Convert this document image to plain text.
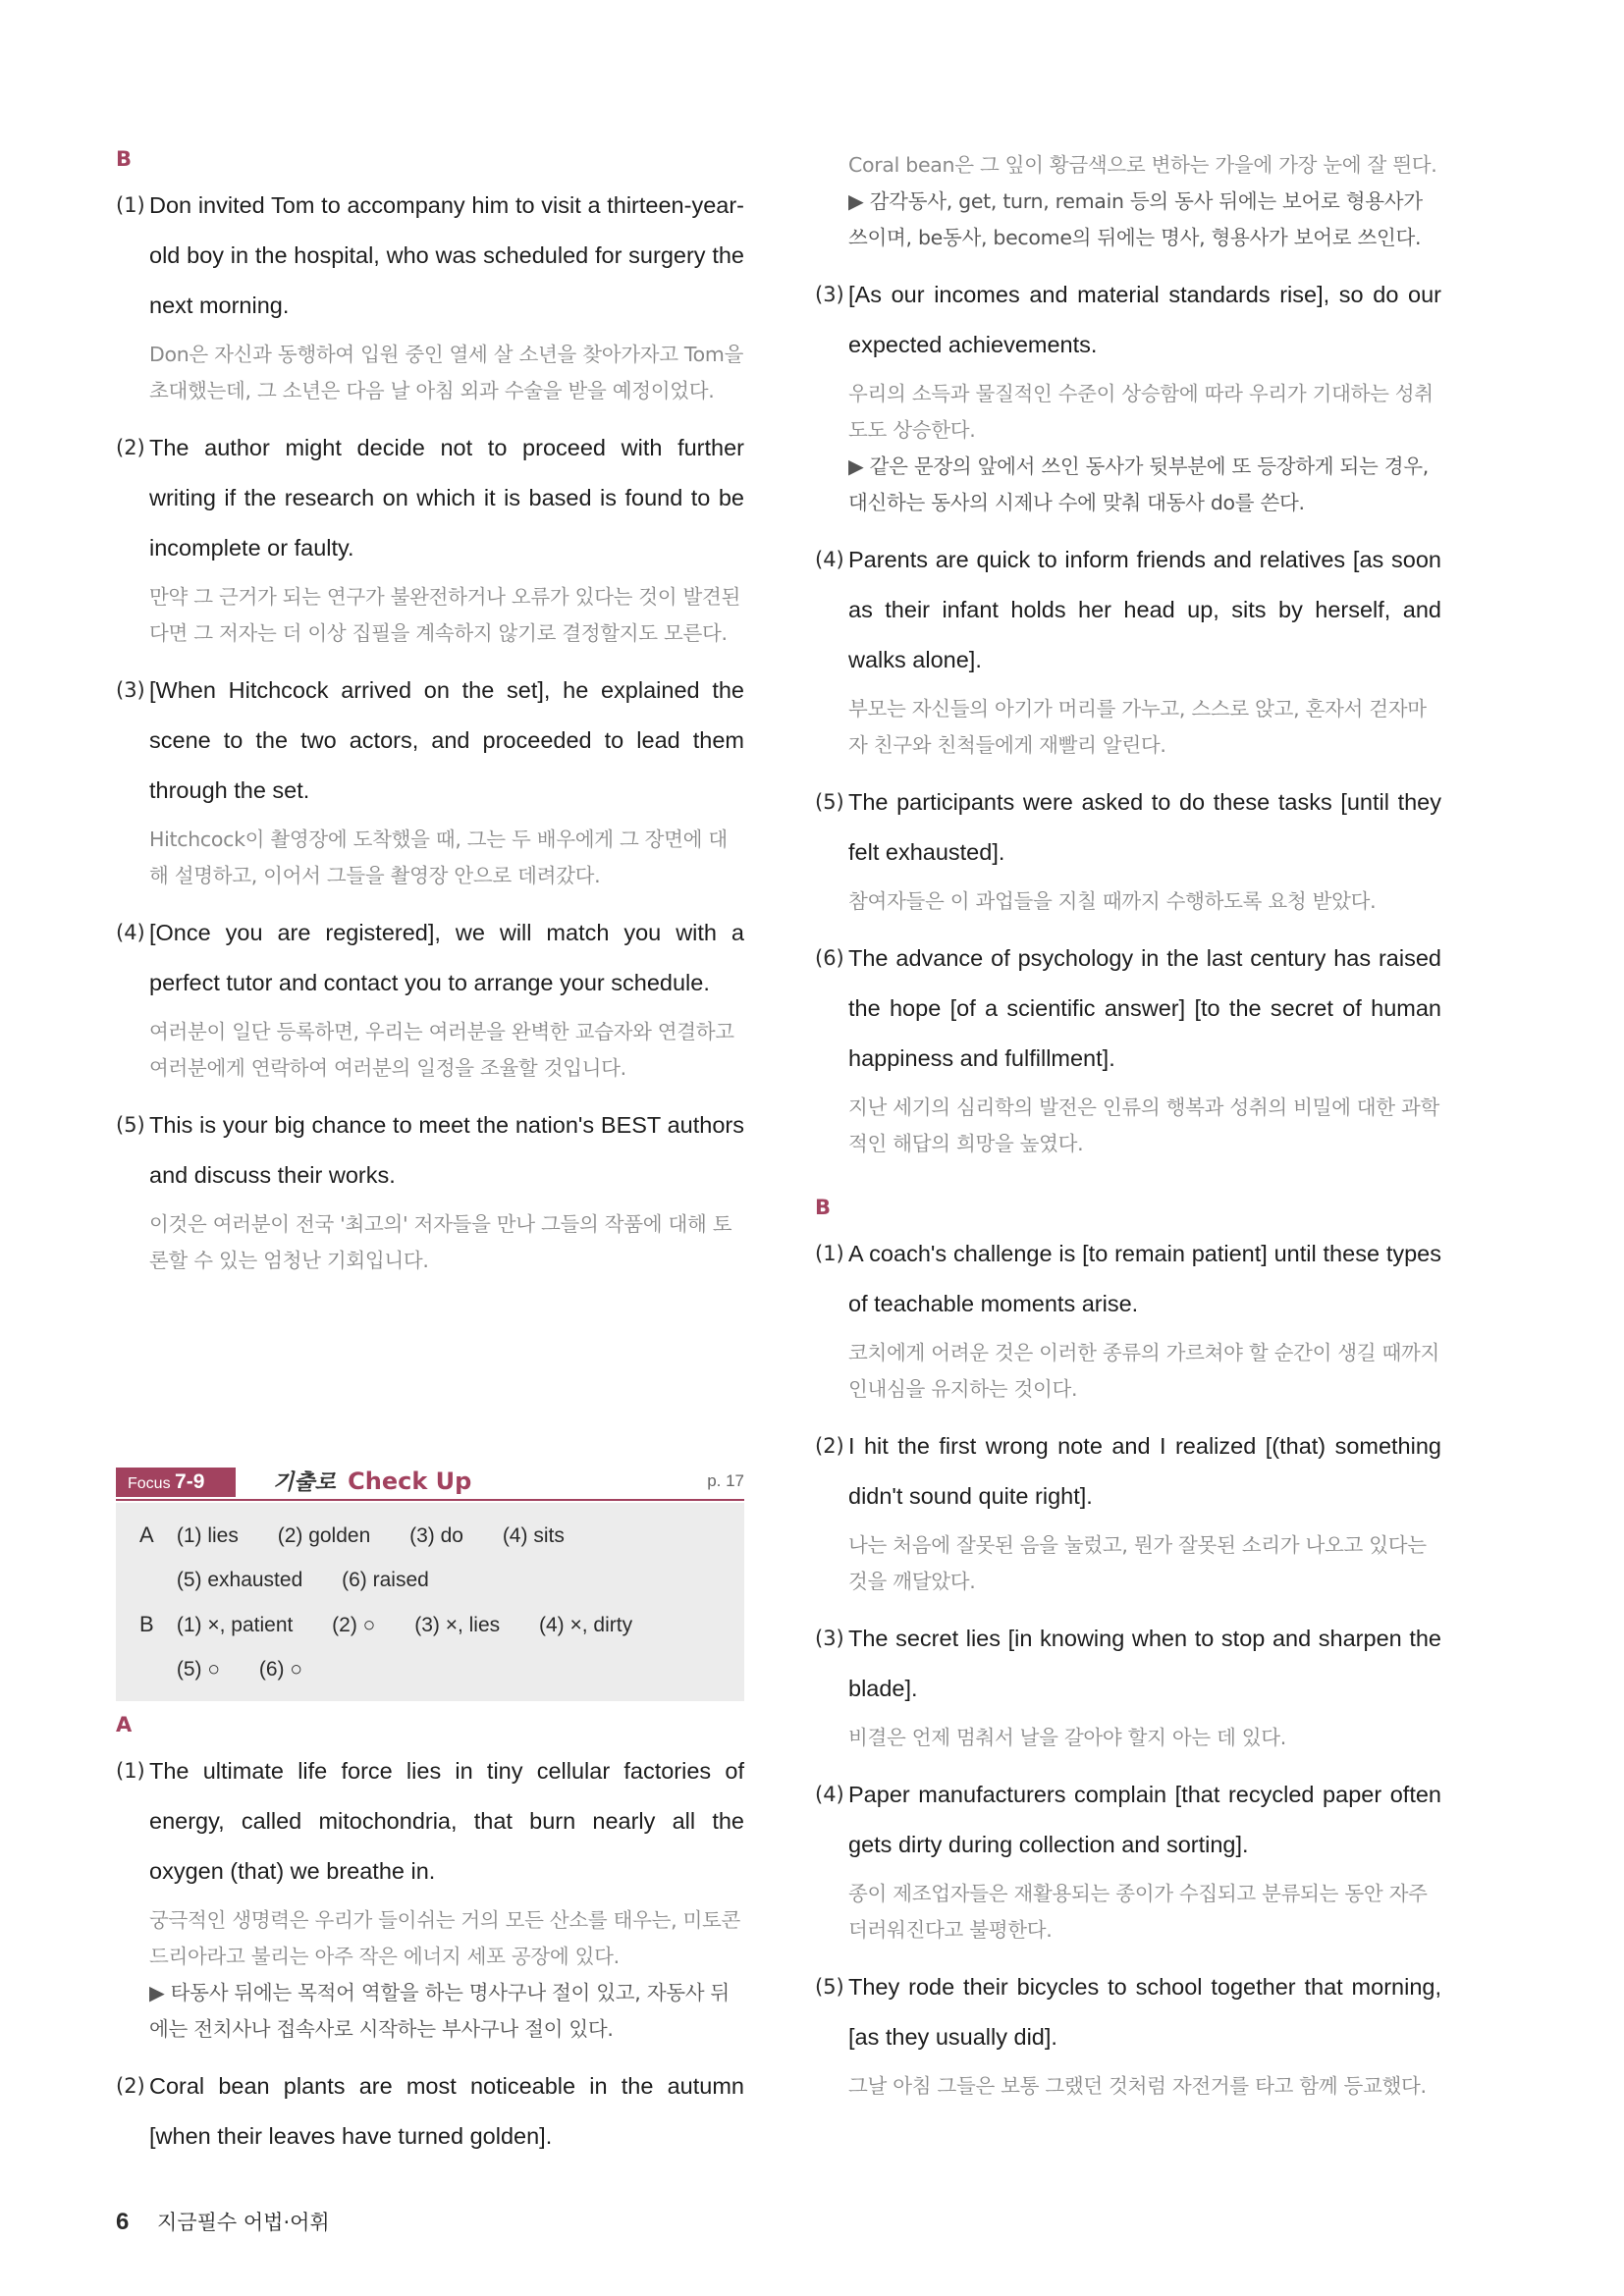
B
(1) Don invited Tom to accompany him to visit a thirteen-year-old boy in the hospital, who was scheduled for surgery the next morning.

Don은 자신과 동행하여 입원 중인 열세 살 소년을 찾아가자고 Tom을 초대했는데, 그 소년은 다음 날 아침 외과 수술을 받을 예정이었다.

(2) The author might decide not to proceed with further writing if the research on which it is based is found to be incomplete or faulty.

만약 그 근거가 되는 연구가 불완전하거나 오류가 있다는 것이 발견된다면 그 저자는 더 이상 집필을 계속하지 않기로 결정할지도 모른다.

(3) [When Hitchcock arrived on the set], he explained the scene to the two actors, and proceeded to lead them through the set.

Hitchcock이 촬영장에 도착했을 때, 그는 두 배우에게 그 장면에 대해 설명하고, 이어서 그들을 촬영장 안으로 데려갔다.

(4) [Once you are registered], we will match you with a perfect tutor and contact you to arrange your schedule.

여러분이 일단 등록하면, 우리는 여러분을 완벽한 교습자와 연결하고 여러분에게 연락하여 여러분의 일정을 조율할 것입니다.

(5) This is your big chance to meet the nation's BEST authors and discuss their works.

이것은 여러분이 전국 '최고의' 저자들을 만나 그들의 작품에 대해 토론할 수 있는 엄청난 기회입니다.

Focus 7-9	기출로 Check Up	p. 17
A (1) lies (2) golden (3) do (4) sits
(5) exhausted (6) raised
B (1) ×, patient (2) ○ (3) ×, lies (4) ×, dirty
(5) ○ (6) ○
A
(1) The ultimate life force lies in tiny cellular factories of energy, called mitochondria, that burn nearly all the oxygen (that) we breathe in.

궁극적인 생명력은 우리가 들이쉬는 거의 모든 산소를 태우는, 미토콘드리아라고 불리는 아주 작은 에너지 세포 공장에 있다.

▶ 타동사 뒤에는 목적어 역할을 하는 명사구나 절이 있고, 자동사 뒤에는 전치사나 접속사로 시작하는 부사구나 절이 있다.

(2) Coral bean plants are most noticeable in the autumn [when their leaves have turned golden].

Coral bean은 그 잎이 황금색으로 변하는 가을에 가장 눈에 잘 띈다.

▶ 감각동사, get, turn, remain 등의 동사 뒤에는 보어로 형용사가 쓰이며, be동사, become의 뒤에는 명사, 형용사가 보어로 쓰인다.

(3) [As our incomes and material standards rise], so do our expected achievements.

우리의 소득과 물질적인 수준이 상승함에 따라 우리가 기대하는 성취도도 상승한다.

▶ 같은 문장의 앞에서 쓰인 동사가 뒷부분에 또 등장하게 되는 경우, 대신하는 동사의 시제나 수에 맞춰 대동사 do를 쓴다.

(4) Parents are quick to inform friends and relatives [as soon as their infant holds her head up, sits by herself, and walks alone].

부모는 자신들의 아기가 머리를 가누고, 스스로 앉고, 혼자서 걷자마자 친구와 친척들에게 재빨리 알린다.

(5) The participants were asked to do these tasks [until they felt exhausted].

참여자들은 이 과업들을 지칠 때까지 수행하도록 요청 받았다.

(6) The advance of psychology in the last century has raised the hope [of a scientific answer] [to the secret of human happiness and fulfillment].

지난 세기의 심리학의 발전은 인류의 행복과 성취의 비밀에 대한 과학적인 해답의 희망을 높였다.

B
(1) A coach's challenge is [to remain patient] until these types of teachable moments arise.

코치에게 어려운 것은 이러한 종류의 가르쳐야 할 순간이 생길 때까지 인내심을 유지하는 것이다.

(2) I hit the first wrong note and I realized [(that) something didn't sound quite right].

나는 처음에 잘못된 음을 눌렀고, 뭔가 잘못된 소리가 나오고 있다는 것을 깨달았다.

(3) The secret lies [in knowing when to stop and sharpen the blade].

비결은 언제 멈춰서 날을 갈아야 할지 아는 데 있다.

(4) Paper manufacturers complain [that recycled paper often gets dirty during collection and sorting].

종이 제조업자들은 재활용되는 종이가 수집되고 분류되는 동안 자주 더러워진다고 불평한다.

(5) They rode their bicycles to school together that morning, [as they usually did].

그날 아침 그들은 보통 그랬던 것처럼 자전거를 타고 함께 등교했다.

6 지금필수 어법·어휘
